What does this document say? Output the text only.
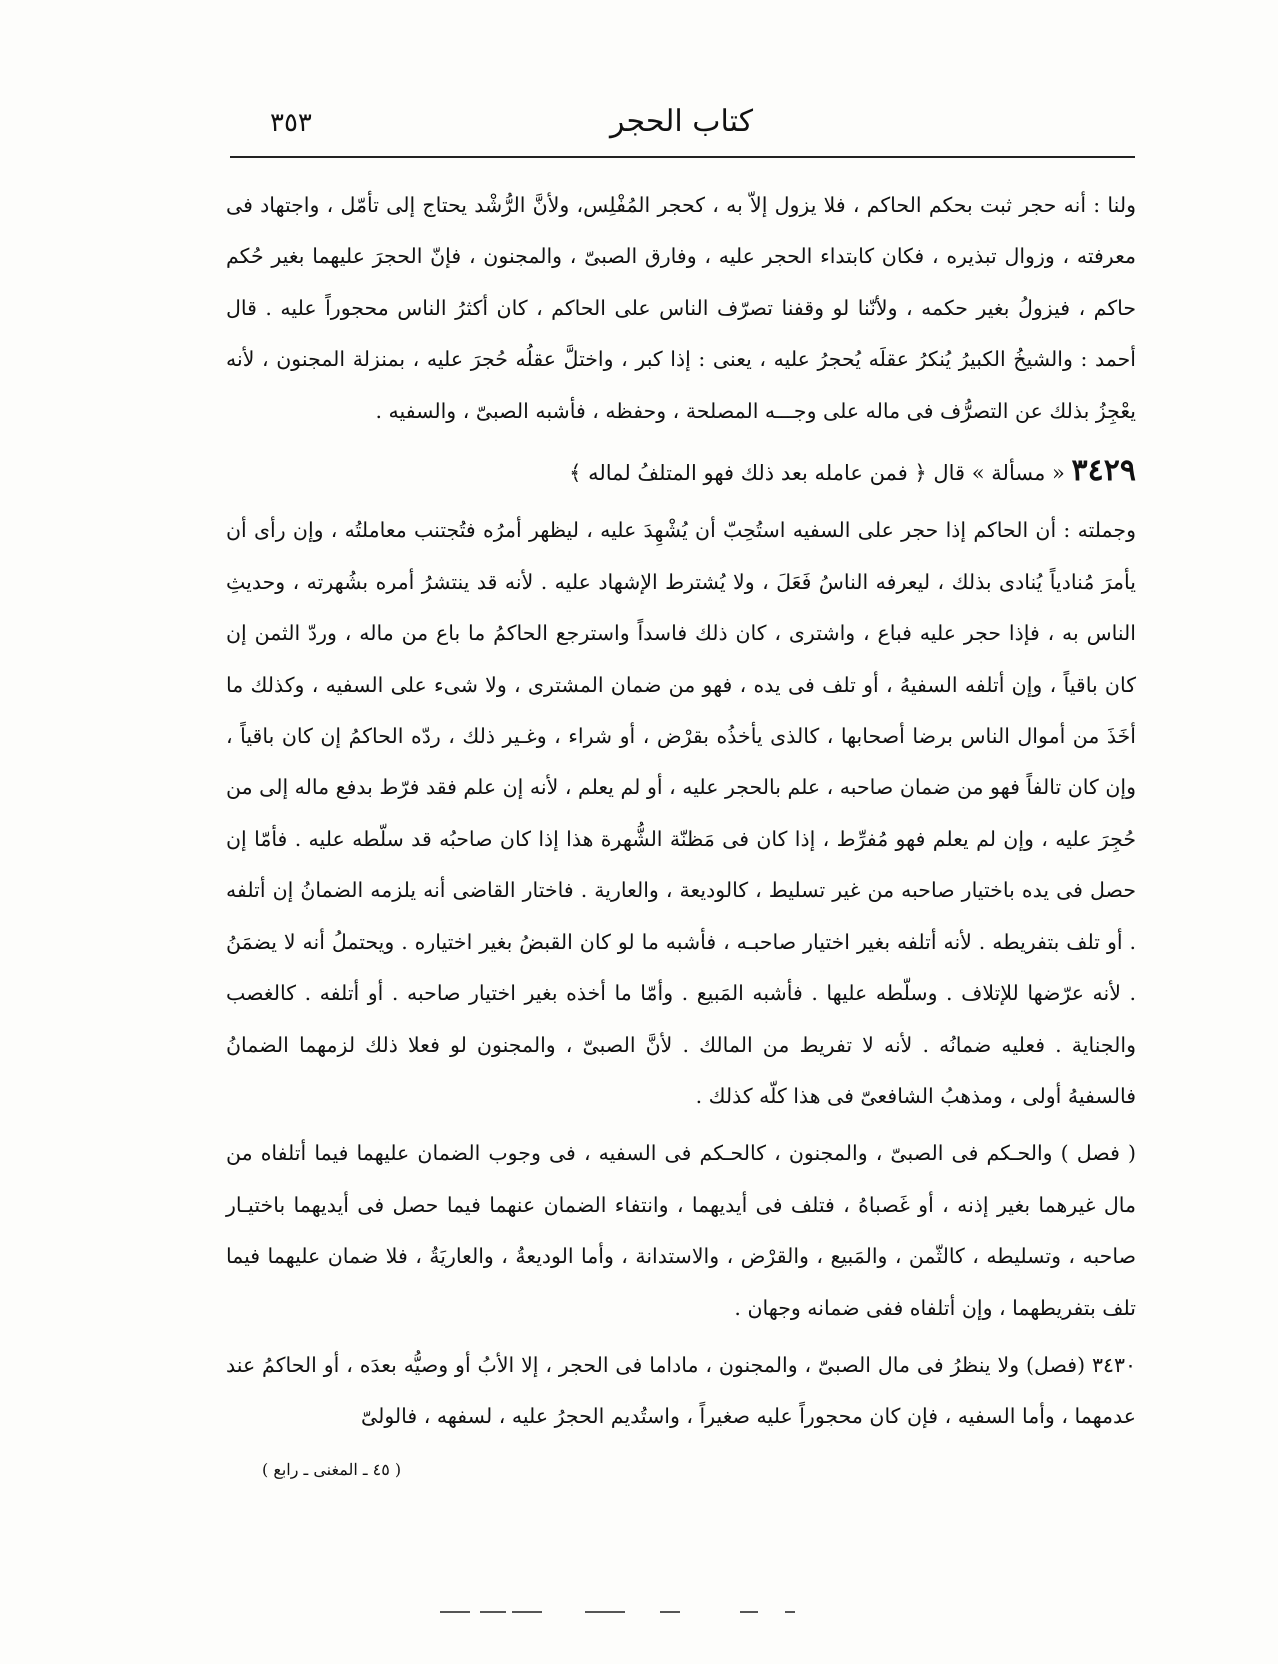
٣٥٣	كتاب الحجر

ولنا : أنه حجر ثبت بحكم الحاكم ، فلا يزول إلاّ به ، كحجر المُفْلِس، ولأنَّ الرُّشْد يحتاج إلى تأمّل ، واجتهاد فى معرفته ، وزوال تبذيره ، فكان كابتداء الحجر عليه ، وفارق الصبىّ ، والمجنون ، فإنّ الحجرَ عليهما بغير حُكم حاكم ، فيزولُ بغير حكمه ، ولأنّنا لو وقفنا تصرّف الناس على الحاكم ، كان أكثرُ الناس محجوراً عليه . قال أحمد : والشيخُ الكبيرُ يُنكرُ عقلَه يُحجرُ عليه ، يعنى : إذا كبر ، واختلَّ عقلُه حُجرَ عليه ، بمنزلة المجنون ، لأنه يعْجِزُ بذلك عن التصرُّف فى ماله على وجـــه المصلحة ، وحفظه ، فأشبه الصبىّ ، والسفيه .

٣٤٢٩ « مسألة » قال ﴿ فمن عامله بعد ذلك فهو المتلفُ لماله ﴾

وجملته : أن الحاكم إذا حجر على السفيه استُحِبّ أن يُشْهِدَ عليه ، ليظهر أمرُه فتُجتنب معاملتُه ، وإن رأى أن يأمرَ مُنادياً يُنادى بذلك ، ليعرفه الناسُ فَعَلَ ، ولا يُشترط الإشهاد عليه . لأنه قد ينتشرُ أمره بشُهرته ، وحديثِ الناس به ، فإذا حجر عليه فباع ، واشترى ، كان ذلك فاسداً واسترجع الحاكمُ ما باع من ماله ، وردّ الثمن إن كان باقياً ، وإن أتلفه السفيهُ ، أو تلف فى يده ، فهو من ضمان المشترى ، ولا شىء على السفيه ، وكذلك ما أخَذَ من أموال الناس برضا أصحابها ، كالذى يأخذُه بقرْض ، أو شراء ، وغـير ذلك ، ردّه الحاكمُ إن كان باقياً ، وإن كان تالفاً فهو من ضمان صاحبه ، علم بالحجر عليه ، أو لم يعلم ، لأنه إن علم فقد فرّط بدفع ماله إلى من حُجِرَ عليه ، وإن لم يعلم فهو مُفرِّط ، إذا كان فى مَظنّة الشُّهرة هذا إذا كان صاحبُه قد سلّطه عليه . فأمّا إن حصل فى يده باختيار صاحبه من غير تسليط ، كالوديعة ، والعارية . فاختار القاضى أنه يلزمه الضمانُ إن أتلفه . أو تلف بتفريطه . لأنه أتلفه بغير اختيار صاحبـه ، فأشبه ما لو كان القبضُ بغير اختياره . ويحتملُ أنه لا يضمَنُ . لأنه عرّضها للإتلاف . وسلّطه عليها . فأشبه المَبيع . وأمّا ما أخذه بغير اختيار صاحبه . أو أتلفه . كالغصب والجناية . فعليه ضمانُه . لأنه لا تفريط من المالك . لأنَّ الصبىّ ، والمجنون لو فعلا ذلك لزمهما الضمانُ فالسفيهُ أولى ، ومذهبُ الشافعىّ فى هذا كلّه كذلك .

( فصل ) والحـكم فى الصبىّ ، والمجنون ، كالحـكم فى السفيه ، فى وجوب الضمان عليهما فيما أتلفاه من مال غيرهما بغير إذنه ، أو غَصباهُ ، فتلف فى أيديهما ، وانتفاء الضمان عنهما فيما حصل فى أيديهما باختيـار صاحبه ، وتسليطه ، كالثّمن ، والمَبيع ، والقرْض ، والاستدانة ، وأما الوديعةُ ، والعاريَةُ ، فلا ضمان عليهما فيما تلف بتفريطهما ، وإن أتلفاه ففى ضمانه وجهان .

٣٤٣٠ (فصل) ولا ينظرُ فى مال الصبىّ ، والمجنون ، ماداما فى الحجر ، إلا الأبُ أو وصيُّه بعدَه ، أو الحاكمُ عند عدمهما ، وأما السفيه ، فإن كان محجوراً عليه صغيراً ، واستُديم الحجرُ عليه ، لسفهه ، فالولىّ

( ٤٥ ـ المغنى ـ رابع )
